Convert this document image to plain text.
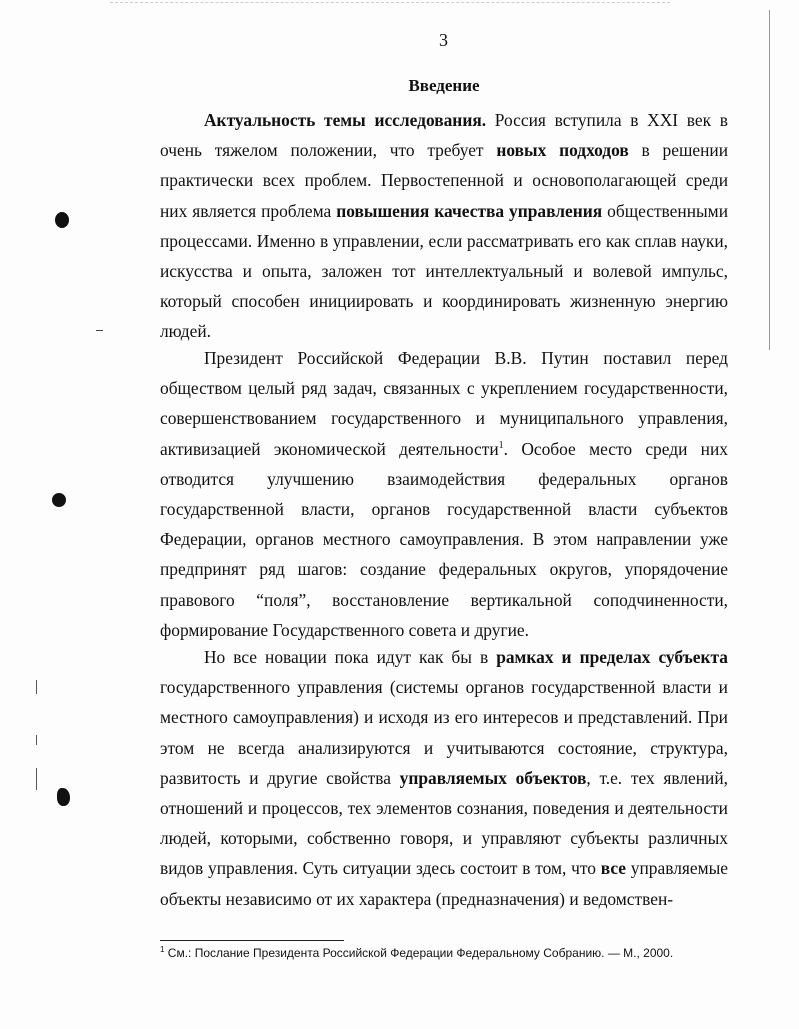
3
Введение

Актуальность темы исследования. Россия вступила в XXI век в очень тяжелом положении, что требует новых подходов в решении практически всех проблем. Первостепенной и основополагающей среди них является проблема повышения качества управления общественными процессами. Именно в управлении, если рассматривать его как сплав науки, искусства и опыта, заложен тот интеллектуальный и волевой импульс, который способен инициировать и координировать жизненную энергию людей.

Президент Российской Федерации В.В. Путин поставил перед обществом целый ряд задач, связанных с укреплением государственности, совершенствованием государственного и муниципального управления, активизацией экономической деятельности$^1$. Особое место среди них отводится улучшению взаимодействия федеральных органов государственной власти, органов государственной власти субъектов Федерации, органов местного самоуправления. В этом направлении уже предпринят ряд шагов: создание федеральных округов, упорядочение правового “поля”, восстановление вертикальной соподчиненности, формирование Государственного совета и другие.

Но все новации пока идут как бы в рамках и пределах субъекта государственного управления (системы органов государственной власти и местного самоуправления) и исходя из его интересов и представлений. При этом не всегда анализируются и учитываются состояние, структура, развитость и другие свойства управляемых объектов, т.е. тех явлений, отношений и процессов, тех элементов сознания, поведения и деятельности людей, которыми, собственно говоря, и управляют субъекты различных видов управления. Суть ситуации здесь состоит в том, что все управляемые объекты независимо от их характера (предназначения) и ведомствен-

$^1$ См.: Послание Президента Российской Федерации Федеральному Собранию. — М., 2000.
